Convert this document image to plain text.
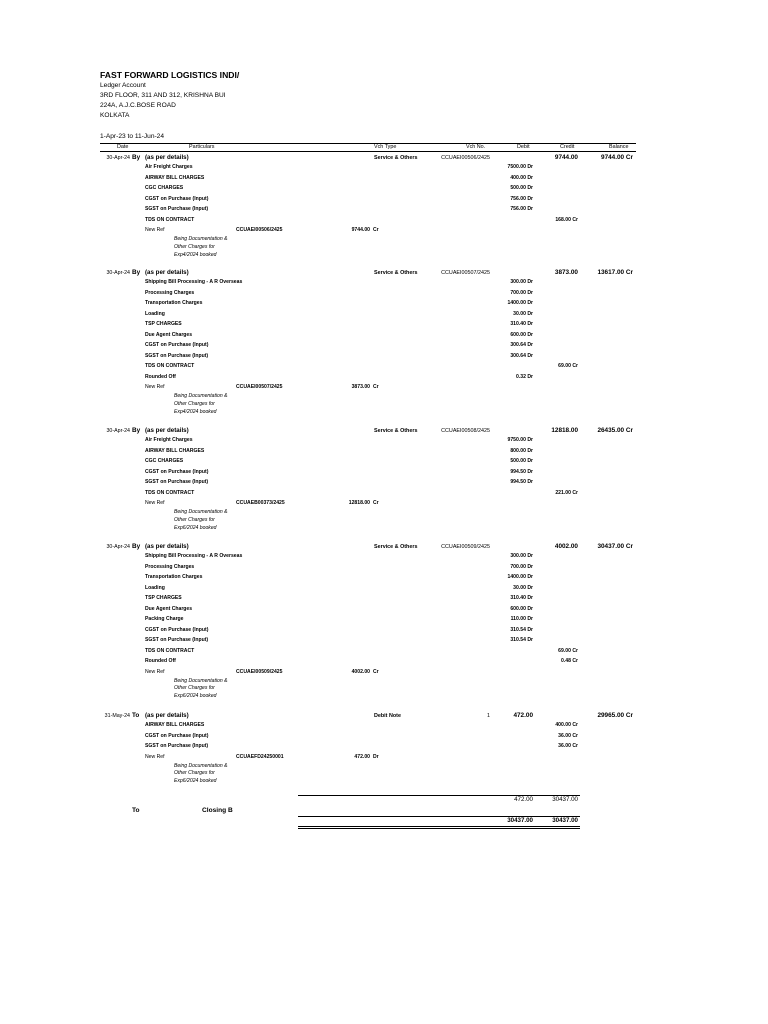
FAST FORWARD LOGISTICS INDI/
Ledger Account
3RD FLOOR, 311 AND 312, KRISHNA BUI
224A, A.J.C.BOSE ROAD
KOLKATA
1-Apr-23 to 11-Jun-24
Date	Particulars	Vch Type	Vch No.	Debit	Credit	Balance
30-Apr-24 By (as per details)	Service & Others	CCUAEI00506/2425	9744.00	9744.00 Cr
Air Freight Charges	7500.00 Dr
AIRWAY BILL CHARGES	400.00 Dr
CGC CHARGES	500.00 Dr
CGST on Purchase (Input)	756.00 Dr
SGST on Purchase (Input)	756.00 Dr
TDS ON CONTRACT	168.00 Cr
New Ref	CCUAEI00506/2425	9744.00 Cr
Being Documentation & Other Charges for Exp4/2024 booked
30-Apr-24 By (as per details)	Service & Others	CCUAEI00507/2425	3873.00	13617.00 Cr
Shipping Bill Processing - A R Overseas	300.00 Dr
Processing Charges	700.00 Dr
Transportation Charges	1400.00 Dr
Loading	30.00 Dr
TSP CHARGES	310.40 Dr
Due Agent Charges	600.00 Dr
CGST on Purchase (Input)	300.64 Dr
SGST on Purchase (Input)	300.64 Dr
TDS ON CONTRACT	69.00 Cr
Rounded Off	0.32 Dr
New Ref	CCUAEI00507/2425	3873.00 Cr
Being Documentation & Other Charges for Exp4/2024 booked
30-Apr-24 By (as per details)	Service & Others	CCUAEI00508/2425	12818.00	26435.00 Cr
Air Freight Charges	9750.00 Dr
AIRWAY BILL CHARGES	800.00 Dr
CGC CHARGES	500.00 Dr
CGST on Purchase (Input)	994.50 Dr
SGST on Purchase (Input)	994.50 Dr
TDS ON CONTRACT	221.00 Cr
New Ref	CCUAEB00373/2425	12818.00 Cr
Being Documentation & Other Charges for Exp6/2024 booked
30-Apr-24 By (as per details)	Service & Others	CCUAEI00509/2425	4002.00	30437.00 Cr
Shipping Bill Processing - A R Overseas	300.00 Dr
Processing Charges	700.00 Dr
Transportation Charges	1400.00 Dr
Loading	30.00 Dr
TSP CHARGES	310.40 Dr
Due Agent Charges	600.00 Dr
Packing Charge	110.00 Dr
CGST on Purchase (Input)	310.54 Dr
SGST on Purchase (Input)	310.54 Dr
TDS ON CONTRACT	69.00 Cr
Rounded Off	0.48 Cr
New Ref	CCUAEI00509/2425	4002.00 Cr
Being Documentation & Other Charges for Exp6/2024 booked
31-May-24 To (as per details)	Debit Note	1	472.00	29965.00 Cr
AIRWAY BILL CHARGES	400.00 Cr
CGST on Purchase (Input)	36.00 Cr
SGST on Purchase (Input)	36.00 Cr
New Ref	CCUAEFD24250001	472.00 Dr
Being Documentation & Other Charges for Exp6/2024 booked
472.00	30437.00
To	Closing B
30437.00	30437.00
